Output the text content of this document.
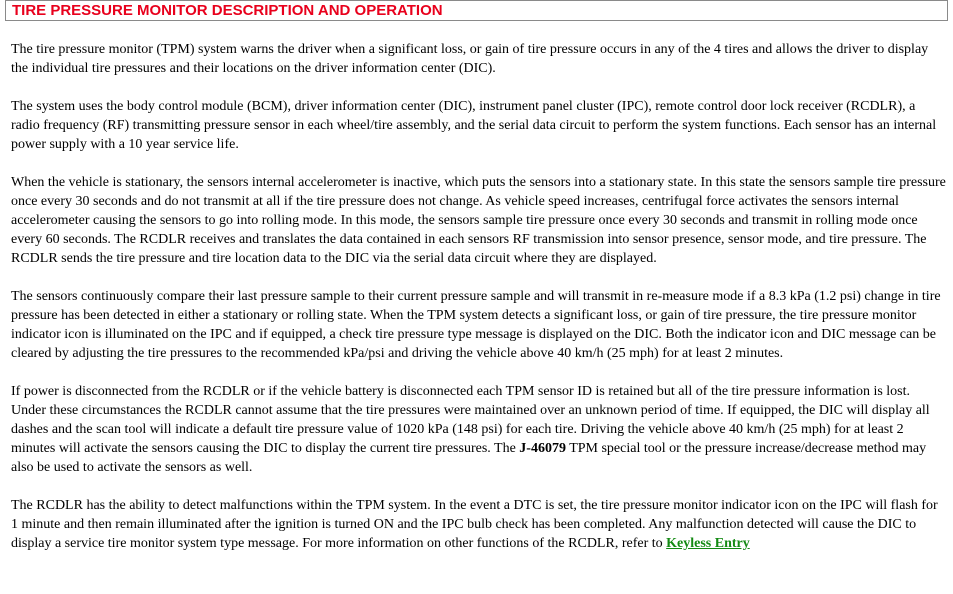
TIRE PRESSURE MONITOR DESCRIPTION AND OPERATION

The tire pressure monitor (TPM) system warns the driver when a significant loss, or gain of tire pressure occurs in any of the 4 tires and allows the driver to display the individual tire pressures and their locations on the driver information center (DIC).

The system uses the body control module (BCM), driver information center (DIC), instrument panel cluster (IPC), remote control door lock receiver (RCDLR), a radio frequency (RF) transmitting pressure sensor in each wheel/tire assembly, and the serial data circuit to perform the system functions. Each sensor has an internal power supply with a 10 year service life.

When the vehicle is stationary, the sensors internal accelerometer is inactive, which puts the sensors into a stationary state. In this state the sensors sample tire pressure once every 30 seconds and do not transmit at all if the tire pressure does not change. As vehicle speed increases, centrifugal force activates the sensors internal accelerometer causing the sensors to go into rolling mode. In this mode, the sensors sample tire pressure once every 30 seconds and transmit in rolling mode once every 60 seconds. The RCDLR receives and translates the data contained in each sensors RF transmission into sensor presence, sensor mode, and tire pressure. The RCDLR sends the tire pressure and tire location data to the DIC via the serial data circuit where they are displayed.

The sensors continuously compare their last pressure sample to their current pressure sample and will transmit in re-measure mode if a 8.3 kPa (1.2 psi) change in tire pressure has been detected in either a stationary or rolling state. When the TPM system detects a significant loss, or gain of tire pressure, the tire pressure monitor indicator icon is illuminated on the IPC and if equipped, a check tire pressure type message is displayed on the DIC. Both the indicator icon and DIC message can be cleared by adjusting the tire pressures to the recommended kPa/psi and driving the vehicle above 40 km/h (25 mph) for at least 2 minutes.

If power is disconnected from the RCDLR or if the vehicle battery is disconnected each TPM sensor ID is retained but all of the tire pressure information is lost. Under these circumstances the RCDLR cannot assume that the tire pressures were maintained over an unknown period of time. If equipped, the DIC will display all dashes and the scan tool will indicate a default tire pressure value of 1020 kPa (148 psi) for each tire. Driving the vehicle above 40 km/h (25 mph) for at least 2 minutes will activate the sensors causing the DIC to display the current tire pressures. The J-46079 TPM special tool or the pressure increase/decrease method may also be used to activate the sensors as well.

The RCDLR has the ability to detect malfunctions within the TPM system. In the event a DTC is set, the tire pressure monitor indicator icon on the IPC will flash for 1 minute and then remain illuminated after the ignition is turned ON and the IPC bulb check has been completed. Any malfunction detected will cause the DIC to display a service tire monitor system type message. For more information on other functions of the RCDLR, refer to Keyless Entry
